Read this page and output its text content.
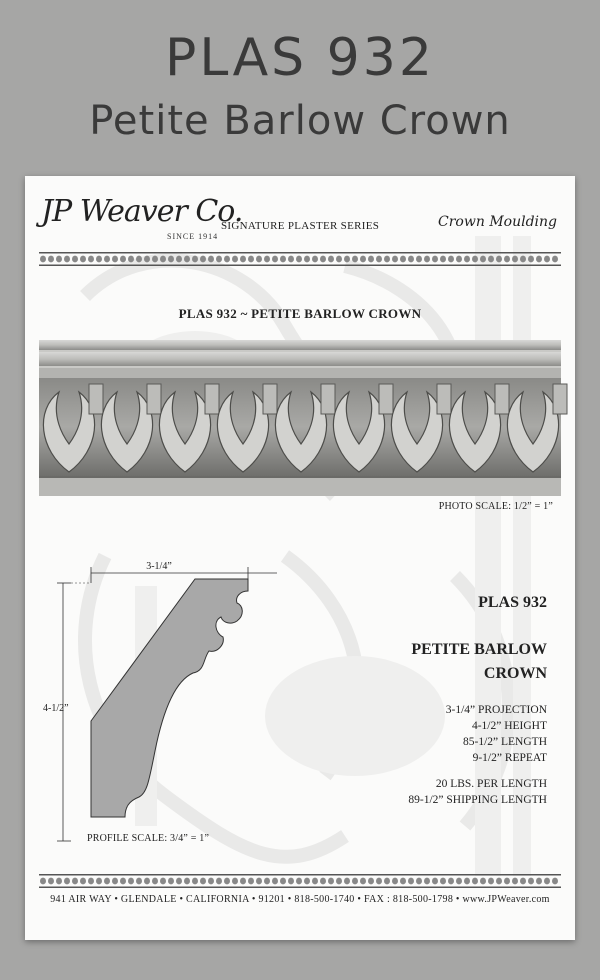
PLAS 932
Petite Barlow Crown
JP Weaver Co.
SINCE 1914
SIGNATURE PLASTER SERIES	Crown Moulding
PLAS 932 ~ PETITE BARLOW CROWN
PHOTO SCALE: 1/2” = 1”
3-1/4”
4-1/2”
PROFILE SCALE: 3/4” = 1”
PLAS 932
PETITE BARLOW
CROWN
3-1/4” PROJECTION
4-1/2” HEIGHT
85-1/2” LENGTH
9-1/2” REPEAT
20 LBS. PER LENGTH
89-1/2” SHIPPING LENGTH
941 AIR WAY • GLENDALE • CALIFORNIA • 91201 • 818-500-1740 • FAX : 818-500-1798 • www.JPWeaver.com
